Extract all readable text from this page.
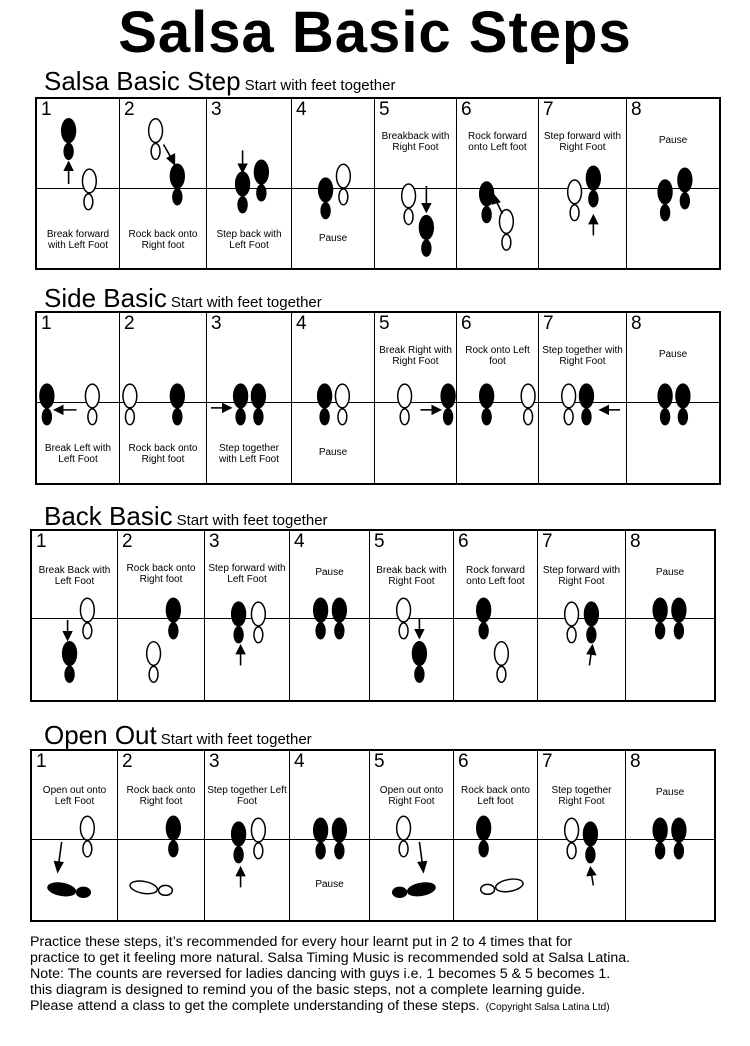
Salsa Basic Steps
Salsa Basic Step Start with feet together
1
Break forward with Left Foot
2
Rock back onto Right foot
3
Step back with Left Foot
4
Pause
5
Breakback with Right Foot
6
Rock forward onto Left foot
7
Step forward with Right Foot
8
Pause
Side Basic Start with feet together
1
Break Left with Left Foot
2
Rock back onto Right foot
3
Step together with Left Foot
4
Pause
5
Break Right with Right Foot
6
Rock onto Left foot
7
Step together with Right Foot
8
Pause
Back Basic Start with feet together
1
Break Back with Left Foot
2
Rock back onto Right foot
3
Step forward with Left Foot
4
Pause
5
Break back with Right Foot
6
Rock forward onto Left foot
7
Step forward with Right Foot
8
Pause
Open Out Start with feet together
1
Open out onto Left Foot
2
Rock back onto Right foot
3
Step together Left Foot
4
Pause
5
Open out onto Right Foot
6
Rock back onto Left foot
7
Step together Right Foot
8
Pause

Practice these steps, it’s recommended for every hour learnt put in 2 to 4 times that for

practice to get it feeling more natural. Salsa Timing Music is recommended sold at Salsa Latina.

Note: The counts are reversed for ladies dancing with guys i.e. 1 becomes 5 & 5 becomes 1.

this diagram is designed to remind you of the basic steps, not a complete learning guide.

Please attend a class to get the complete understanding of these steps. (Copyright Salsa Latina Ltd)
